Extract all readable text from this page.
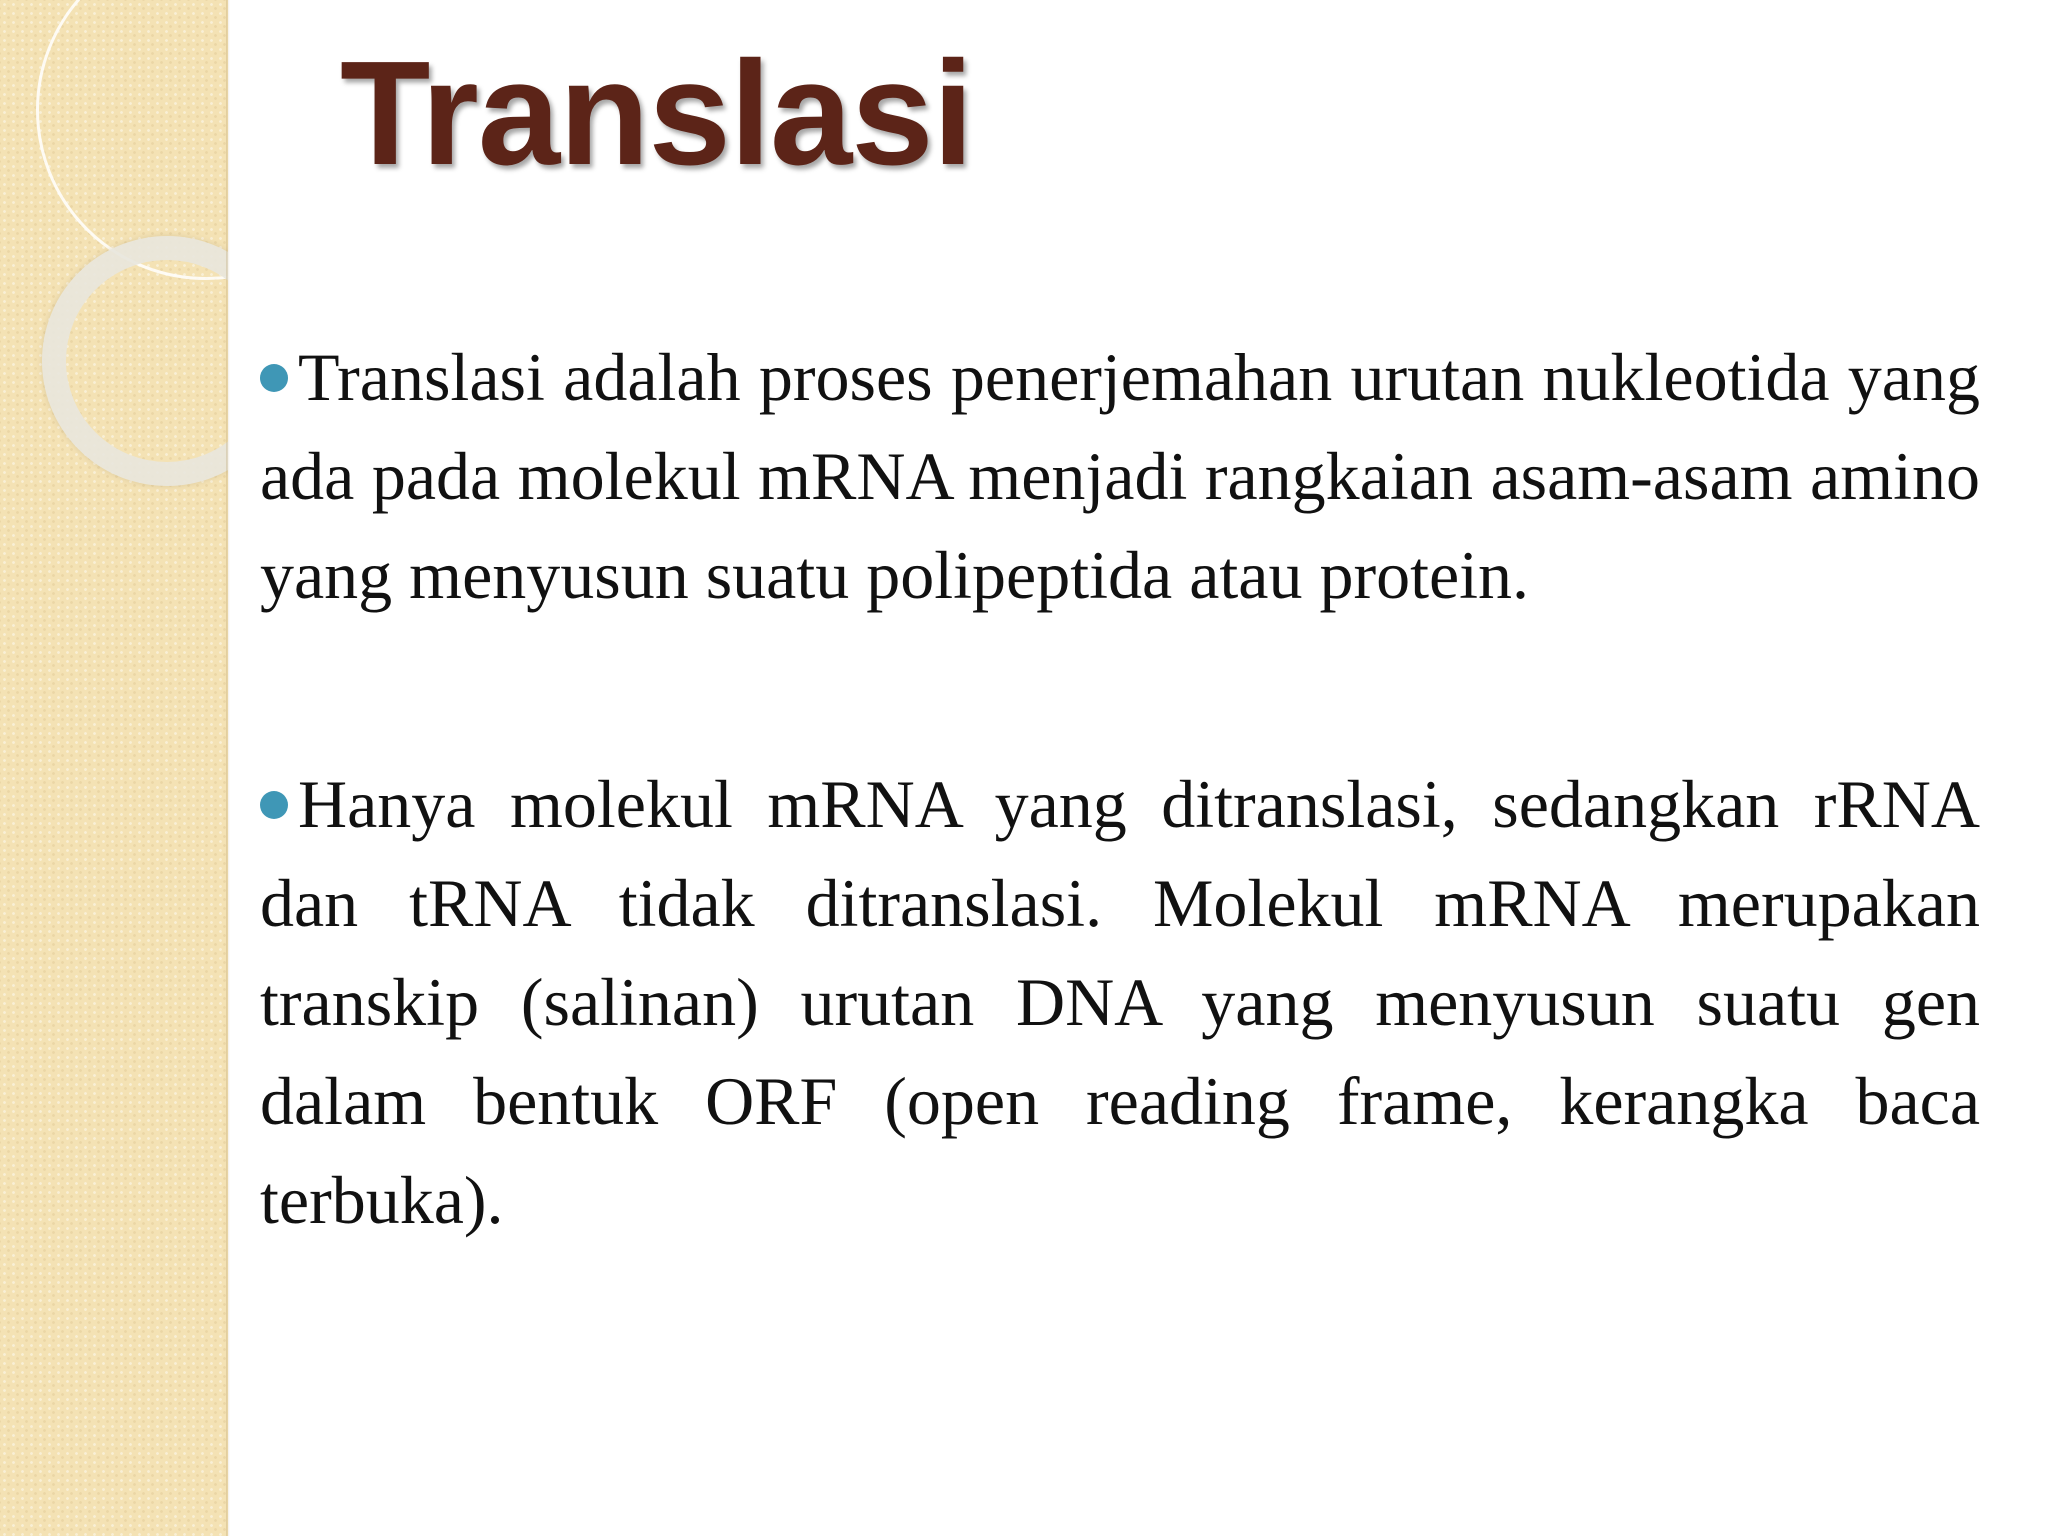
Translasi

Translasi adalah proses penerjemahan urutan nukleotida yang ada pada molekul mRNA menjadi rangkaian asam-asam amino yang menyusun suatu polipeptida atau protein.

Hanya molekul mRNA yang ditranslasi, sedangkan rRNA dan tRNA tidak ditranslasi. Molekul mRNA merupakan transkip (salinan) urutan DNA yang menyusun suatu gen dalam bentuk ORF (open reading frame, kerangka baca terbuka).
